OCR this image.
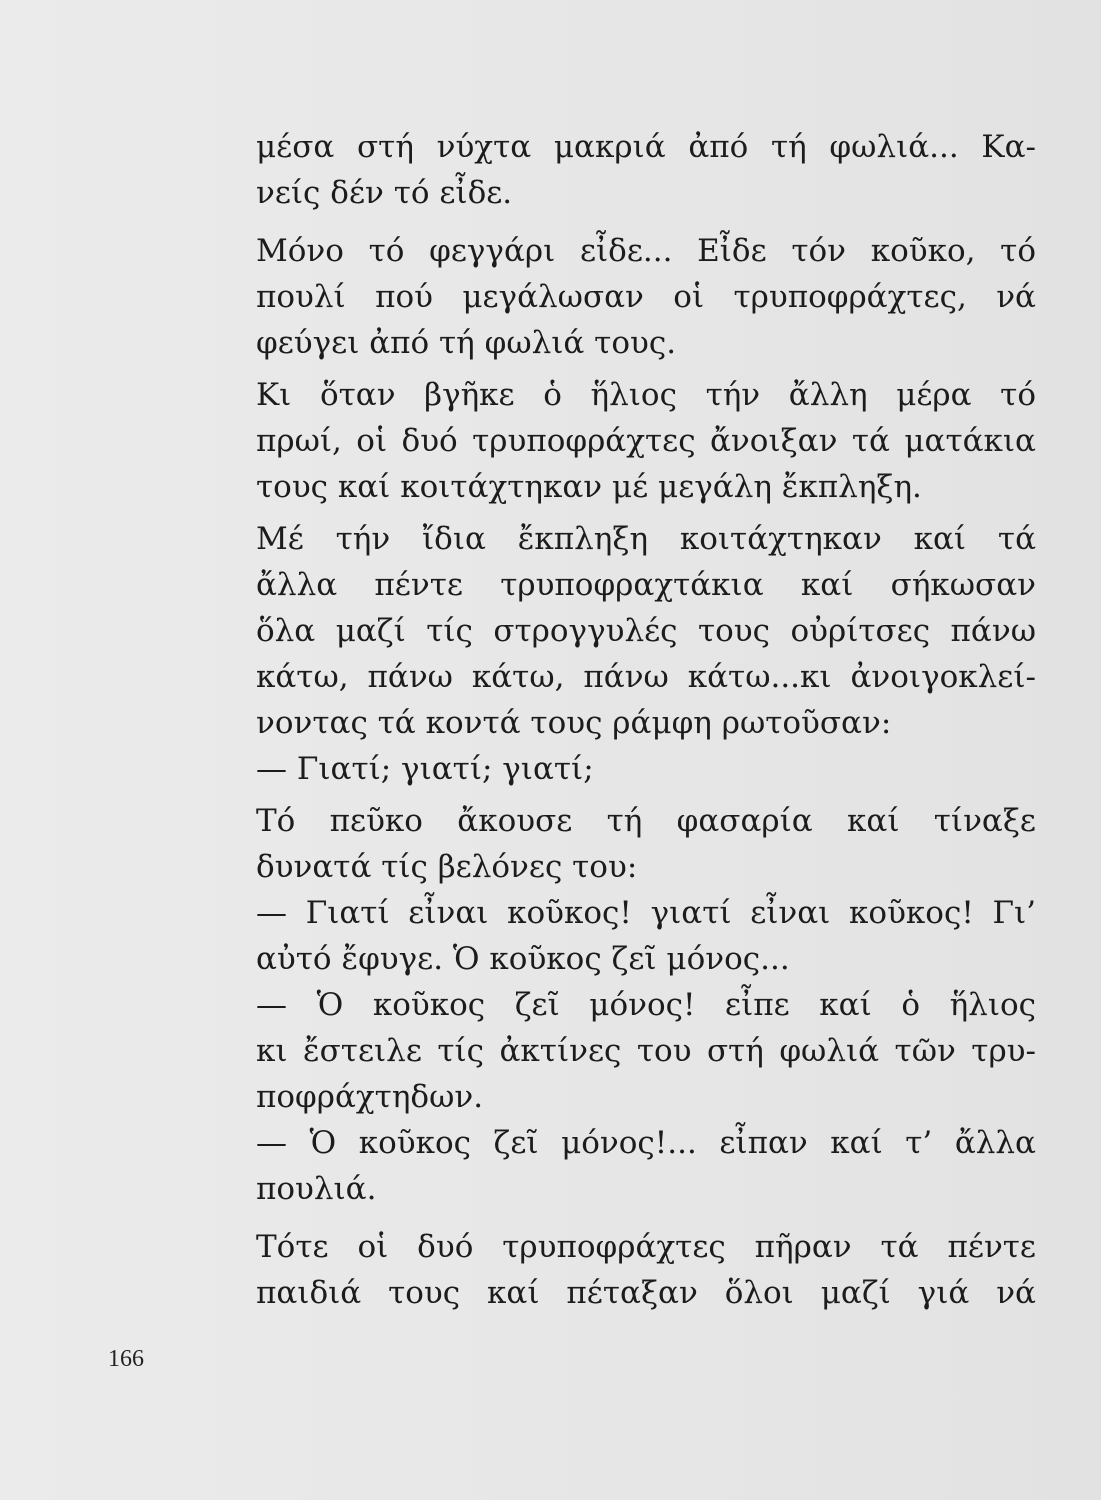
μέσα στή νύχτα μακριά ἀπό τή φωλιά... Κα-
νείς δέν τό εἶδε.
Μόνο τό φεγγάρι εἶδε... Εἶδε τόν κοῦκο, τό
πουλί πού μεγάλωσαν οἱ τρυποφράχτες, νά
φεύγει ἀπό τή φωλιά τους.
Κι ὅταν βγῆκε ὁ ἥλιος τήν ἄλλη μέρα τό
πρωί, οἱ δυό τρυποφράχτες ἄνοιξαν τά ματάκια
τους καί κοιτάχτηκαν μέ μεγάλη ἔκπληξη.
Μέ τήν ἴδια ἔκπληξη κοιτάχτηκαν καί τά
ἄλλα πέντε τρυποφραχτάκια καί σήκωσαν
ὅλα μαζί τίς στρογγυλές τους οὐρίτσες πάνω
κάτω, πάνω κάτω, πάνω κάτω...κι ἀνοιγοκλεί-
νοντας τά κοντά τους ράμφη ρωτοῦσαν:
— Γιατί; γιατί; γιατί;
Τό πεῦκο ἄκουσε τή φασαρία καί τίναξε
δυνατά τίς βελόνες του:
— Γιατί εἶναι κοῦκος! γιατί εἶναι κοῦκος! Γι’
αὐτό ἔφυγε. Ὁ κοῦκος ζεῖ μόνος...
— Ὁ κοῦκος ζεῖ μόνος! εἶπε καί ὁ ἥλιος
κι ἔστειλε τίς ἀκτίνες του στή φωλιά τῶν τρυ-
ποφράχτηδων.
— Ὁ κοῦκος ζεῖ μόνος!... εἶπαν καί τ’ ἄλλα
πουλιά.
Τότε οἱ δυό τρυποφράχτες πῆραν τά πέντε
παιδιά τους καί πέταξαν ὅλοι μαζί γιά νά
166
